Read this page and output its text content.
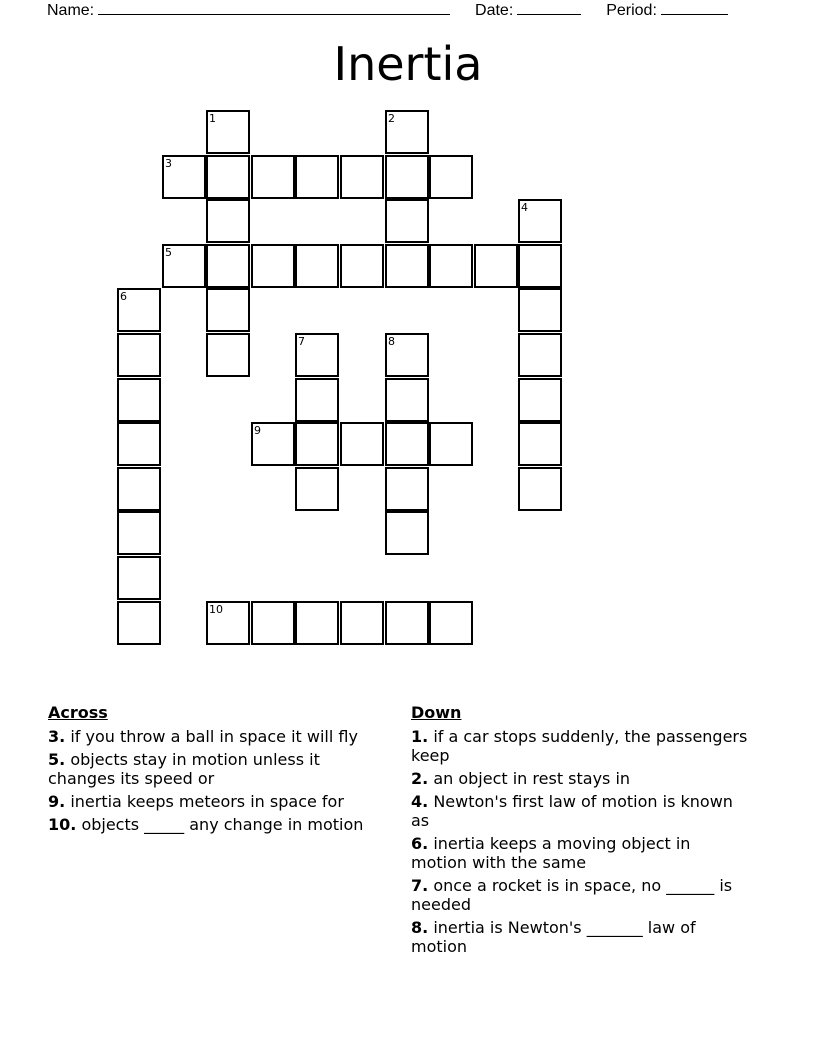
Name:	Date:	Period:
Inertia
1	2
3
4
5
6
7	8
9
10
Across
3. if you throw a ball in space it will fly
5. objects stay in motion unless it changes its speed or
9. inertia keeps meteors in space for
10. objects _____ any change in motion
Down
1. if a car stops suddenly, the passengers keep
2. an object in rest stays in
4. Newton's first law of motion is known as
6. inertia keeps a moving object in motion with the same
7. once a rocket is in space, no ______ is needed
8. inertia is Newton's _______ law of motion
